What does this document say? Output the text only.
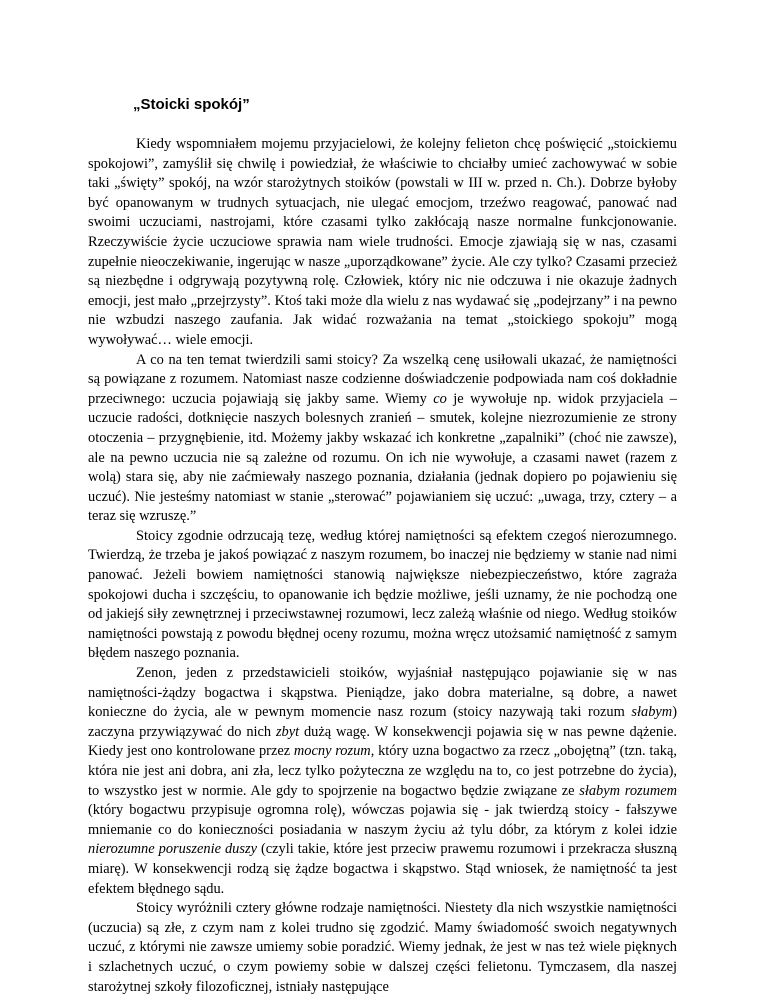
„Stoicki spokój”

Kiedy wspomniałem mojemu przyjacielowi, że kolejny felieton chcę poświęcić „stoickiemu spokojowi”, zamyślił się chwilę i powiedział, że właściwie to chciałby umieć zachowywać w sobie taki „święty” spokój, na wzór starożytnych stoików (powstali w III w. przed n. Ch.). Dobrze byłoby być opanowanym w trudnych sytuacjach, nie ulegać emocjom, trzeźwo reagować, panować nad swoimi uczuciami, nastrojami, które czasami tylko zakłócają nasze normalne funkcjonowanie. Rzeczywiście życie uczuciowe sprawia nam wiele trudności. Emocje zjawiają się w nas, czasami zupełnie nieoczekiwanie, ingerując w nasze „uporządkowane” życie. Ale czy tylko? Czasami przecież są niezbędne i odgrywają pozytywną rolę. Człowiek, który nic nie odczuwa i nie okazuje żadnych emocji, jest mało „przejrzysty”. Ktoś taki może dla wielu z nas wydawać się „podejrzany” i na pewno nie wzbudzi naszego zaufania. Jak widać rozważania na temat „stoickiego spokoju” mogą wywoływać… wiele emocji.

A co na ten temat twierdzili sami stoicy? Za wszelką cenę usiłowali ukazać, że namiętności są powiązane z rozumem. Natomiast nasze codzienne doświadczenie podpowiada nam coś dokładnie przeciwnego: uczucia pojawiają się jakby same. Wiemy co je wywołuje np. widok przyjaciela – uczucie radości, dotknięcie naszych bolesnych zranień – smutek, kolejne niezrozumienie ze strony otoczenia – przygnębienie, itd. Możemy jakby wskazać ich konkretne „zapalniki” (choć nie zawsze), ale na pewno uczucia nie są zależne od rozumu. On ich nie wywołuje, a czasami nawet (razem z wolą) stara się, aby nie zaćmiewały naszego poznania, działania (jednak dopiero po pojawieniu się uczuć). Nie jesteśmy natomiast w stanie „sterować” pojawianiem się uczuć: „uwaga, trzy, cztery – a teraz się wzruszę.”

Stoicy zgodnie odrzucają tezę, według której namiętności są efektem czegoś nierozumnego. Twierdzą, że trzeba je jakoś powiązać z naszym rozumem, bo inaczej nie będziemy w stanie nad nimi panować. Jeżeli bowiem namiętności stanowią największe niebezpieczeństwo, które zagraża spokojowi ducha i szczęściu, to opanowanie ich będzie możliwe, jeśli uznamy, że nie pochodzą one od jakiejś siły zewnętrznej i przeciwstawnej rozumowi, lecz zależą właśnie od niego. Według stoików namiętności powstają z powodu błędnej oceny rozumu, można wręcz utożsamić namiętność z samym błędem naszego poznania.

Zenon, jeden z przedstawicieli stoików, wyjaśniał następująco pojawianie się w nas namiętności-żądzy bogactwa i skąpstwa. Pieniądze, jako dobra materialne, są dobre, a nawet konieczne do życia, ale w pewnym momencie nasz rozum (stoicy nazywają taki rozum słabym) zaczyna przywiązywać do nich zbyt dużą wagę. W konsekwencji pojawia się w nas pewne dążenie. Kiedy jest ono kontrolowane przez mocny rozum, który uzna bogactwo za rzecz „obojętną” (tzn. taką, która nie jest ani dobra, ani zła, lecz tylko pożyteczna ze względu na to, co jest potrzebne do życia), to wszystko jest w normie. Ale gdy to spojrzenie na bogactwo będzie związane ze słabym rozumem (który bogactwu przypisuje ogromna rolę), wówczas pojawia się - jak twierdzą stoicy - fałszywe mniemanie co do konieczności posiadania w naszym życiu aż tylu dóbr, za którym z kolei idzie nierozumne poruszenie duszy (czyli takie, które jest przeciw prawemu rozumowi i przekracza słuszną miarę). W konsekwencji rodzą się żądze bogactwa i skąpstwo. Stąd wniosek, że namiętność ta jest efektem błędnego sądu.

Stoicy wyróżnili cztery główne rodzaje namiętności. Niestety dla nich wszystkie namiętności (uczucia) są złe, z czym nam z kolei trudno się zgodzić. Mamy świadomość swoich negatywnych uczuć, z którymi nie zawsze umiemy sobie poradzić. Wiemy jednak, że jest w nas też wiele pięknych i szlachetnych uczuć, o czym powiemy sobie w dalszej części felietonu. Tymczasem, dla naszej starożytnej szkoły filozoficznej, istniały następujące
